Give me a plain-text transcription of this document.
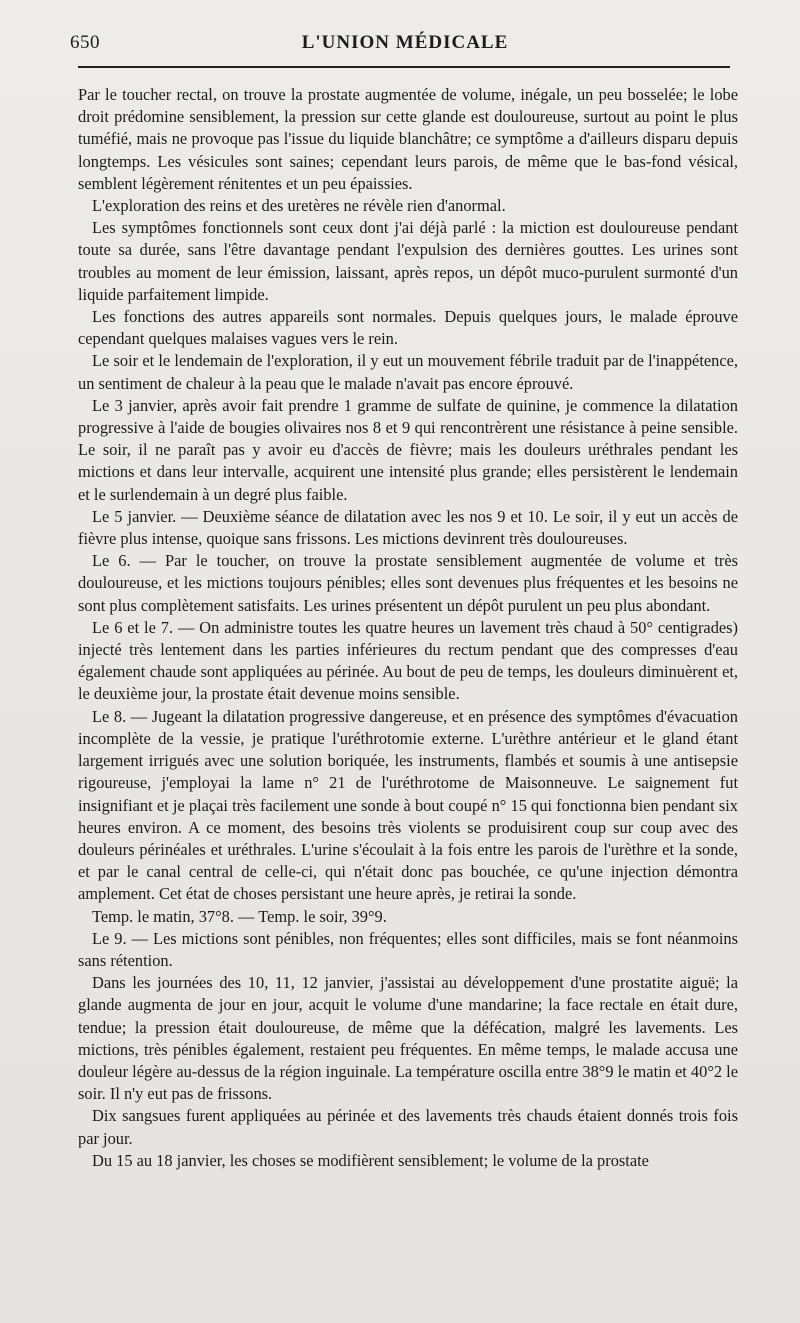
650	L'UNION MÉDICALE

Par le toucher rectal, on trouve la prostate augmentée de volume, inégale, un peu bosselée; le lobe droit prédomine sensiblement, la pression sur cette glande est douloureuse, surtout au point le plus tuméfié, mais ne provoque pas l'issue du liquide blanchâtre; ce symptôme a d'ailleurs disparu depuis longtemps. Les vésicules sont saines; cependant leurs parois, de même que le bas-fond vésical, semblent légèrement rénitentes et un peu épaissies.

L'exploration des reins et des uretères ne révèle rien d'anormal.

Les symptômes fonctionnels sont ceux dont j'ai déjà parlé : la miction est douloureuse pendant toute sa durée, sans l'être davantage pendant l'expulsion des dernières gouttes. Les urines sont troubles au moment de leur émission, laissant, après repos, un dépôt muco-purulent surmonté d'un liquide parfaitement limpide.

Les fonctions des autres appareils sont normales. Depuis quelques jours, le malade éprouve cependant quelques malaises vagues vers le rein.

Le soir et le lendemain de l'exploration, il y eut un mouvement fébrile traduit par de l'inappétence, un sentiment de chaleur à la peau que le malade n'avait pas encore éprouvé.

Le 3 janvier, après avoir fait prendre 1 gramme de sulfate de quinine, je commence la dilatation progressive à l'aide de bougies olivaires nos 8 et 9 qui rencontrèrent une résistance à peine sensible. Le soir, il ne paraît pas y avoir eu d'accès de fièvre; mais les douleurs uréthrales pendant les mictions et dans leur intervalle, acquirent une intensité plus grande; elles persistèrent le lendemain et le surlendemain à un degré plus faible.

Le 5 janvier. — Deuxième séance de dilatation avec les nos 9 et 10. Le soir, il y eut un accès de fièvre plus intense, quoique sans frissons. Les mictions devinrent très douloureuses.

Le 6. — Par le toucher, on trouve la prostate sensiblement augmentée de volume et très douloureuse, et les mictions toujours pénibles; elles sont devenues plus fréquentes et les besoins ne sont plus complètement satisfaits. Les urines présentent un dépôt purulent un peu plus abondant.

Le 6 et le 7. — On administre toutes les quatre heures un lavement très chaud à 50° centigrades) injecté très lentement dans les parties inférieures du rectum pendant que des compresses d'eau également chaude sont appliquées au périnée. Au bout de peu de temps, les douleurs diminuèrent et, le deuxième jour, la prostate était devenue moins sensible.

Le 8. — Jugeant la dilatation progressive dangereuse, et en présence des symptômes d'évacuation incomplète de la vessie, je pratique l'uréthrotomie externe. L'urèthre antérieur et le gland étant largement irrigués avec une solution boriquée, les instruments, flambés et soumis à une antisepsie rigoureuse, j'employai la lame n° 21 de l'uréthrotome de Maisonneuve. Le saignement fut insignifiant et je plaçai très facilement une sonde à bout coupé n° 15 qui fonctionna bien pendant six heures environ. A ce moment, des besoins très violents se produisirent coup sur coup avec des douleurs périnéales et uréthrales. L'urine s'écoulait à la fois entre les parois de l'urèthre et la sonde, et par le canal central de celle-ci, qui n'était donc pas bouchée, ce qu'une injection démontra amplement. Cet état de choses persistant une heure après, je retirai la sonde.

Temp. le matin, 37°8. — Temp. le soir, 39°9.

Le 9. — Les mictions sont pénibles, non fréquentes; elles sont difficiles, mais se font néanmoins sans rétention.

Dans les journées des 10, 11, 12 janvier, j'assistai au développement d'une prostatite aiguë; la glande augmenta de jour en jour, acquit le volume d'une mandarine; la face rectale en était dure, tendue; la pression était douloureuse, de même que la défécation, malgré les lavements. Les mictions, très pénibles également, restaient peu fréquentes. En même temps, le malade accusa une douleur légère au-dessus de la région inguinale. La température oscilla entre 38°9 le matin et 40°2 le soir. Il n'y eut pas de frissons.

Dix sangsues furent appliquées au périnée et des lavements très chauds étaient donnés trois fois par jour.

Du 15 au 18 janvier, les choses se modifièrent sensiblement; le volume de la prostate
